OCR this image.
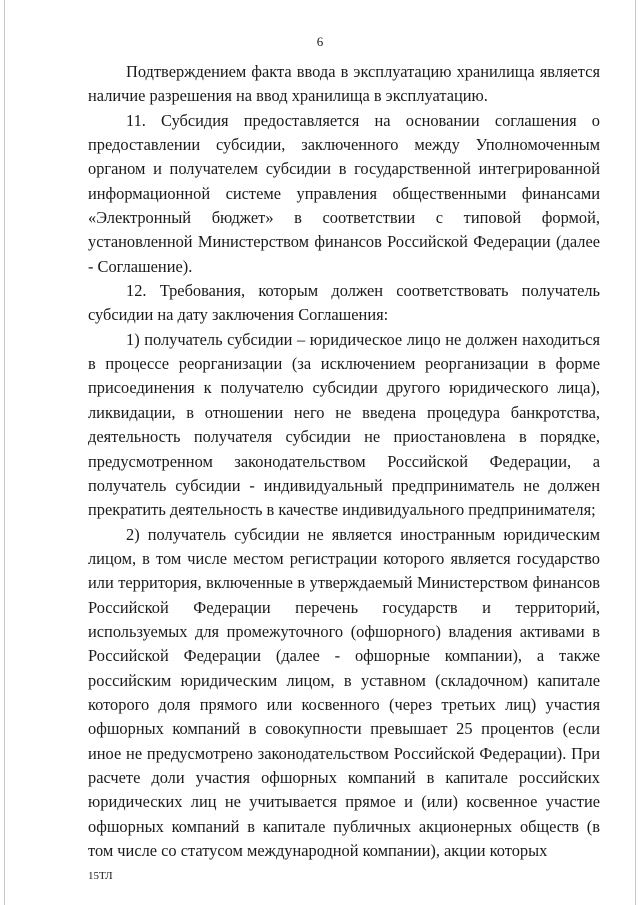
6

Подтверждением факта ввода в эксплуатацию хранилища является наличие разрешения на ввод хранилища в эксплуатацию.

11. Субсидия предоставляется на основании соглашения о предоставлении субсидии, заключенного между Уполномоченным органом и получателем субсидии в государственной интегрированной информационной системе управления общественными финансами «Электронный бюджет» в соответствии с типовой формой, установленной Министерством финансов Российской Федерации (далее - Соглашение).

12. Требования, которым должен соответствовать получатель субсидии на дату заключения Соглашения:

1) получатель субсидии – юридическое лицо не должен находиться в процессе реорганизации (за исключением реорганизации в форме присоединения к получателю субсидии другого юридического лица), ликвидации, в отношении него не введена процедура банкротства, деятельность получателя субсидии не приостановлена в порядке, предусмотренном законодательством Российской Федерации, а получатель субсидии - индивидуальный предприниматель не должен прекратить деятельность в качестве индивидуального предпринимателя;

2) получатель субсидии не является иностранным юридическим лицом, в том числе местом регистрации которого является государство или территория, включенные в утверждаемый Министерством финансов Российской Федерации перечень государств и территорий, используемых для промежуточного (офшорного) владения активами в Российской Федерации (далее - офшорные компании), а также российским юридическим лицом, в уставном (складочном) капитале которого доля прямого или косвенного (через третьих лиц) участия офшорных компаний в совокупности превышает 25 процентов (если иное не предусмотрено законодательством Российской Федерации). При расчете доли участия офшорных компаний в капитале российских юридических лиц не учитывается прямое и (или) косвенное участие офшорных компаний в капитале публичных акционерных обществ (в том числе со статусом международной компании), акции которых

15ТЛ
